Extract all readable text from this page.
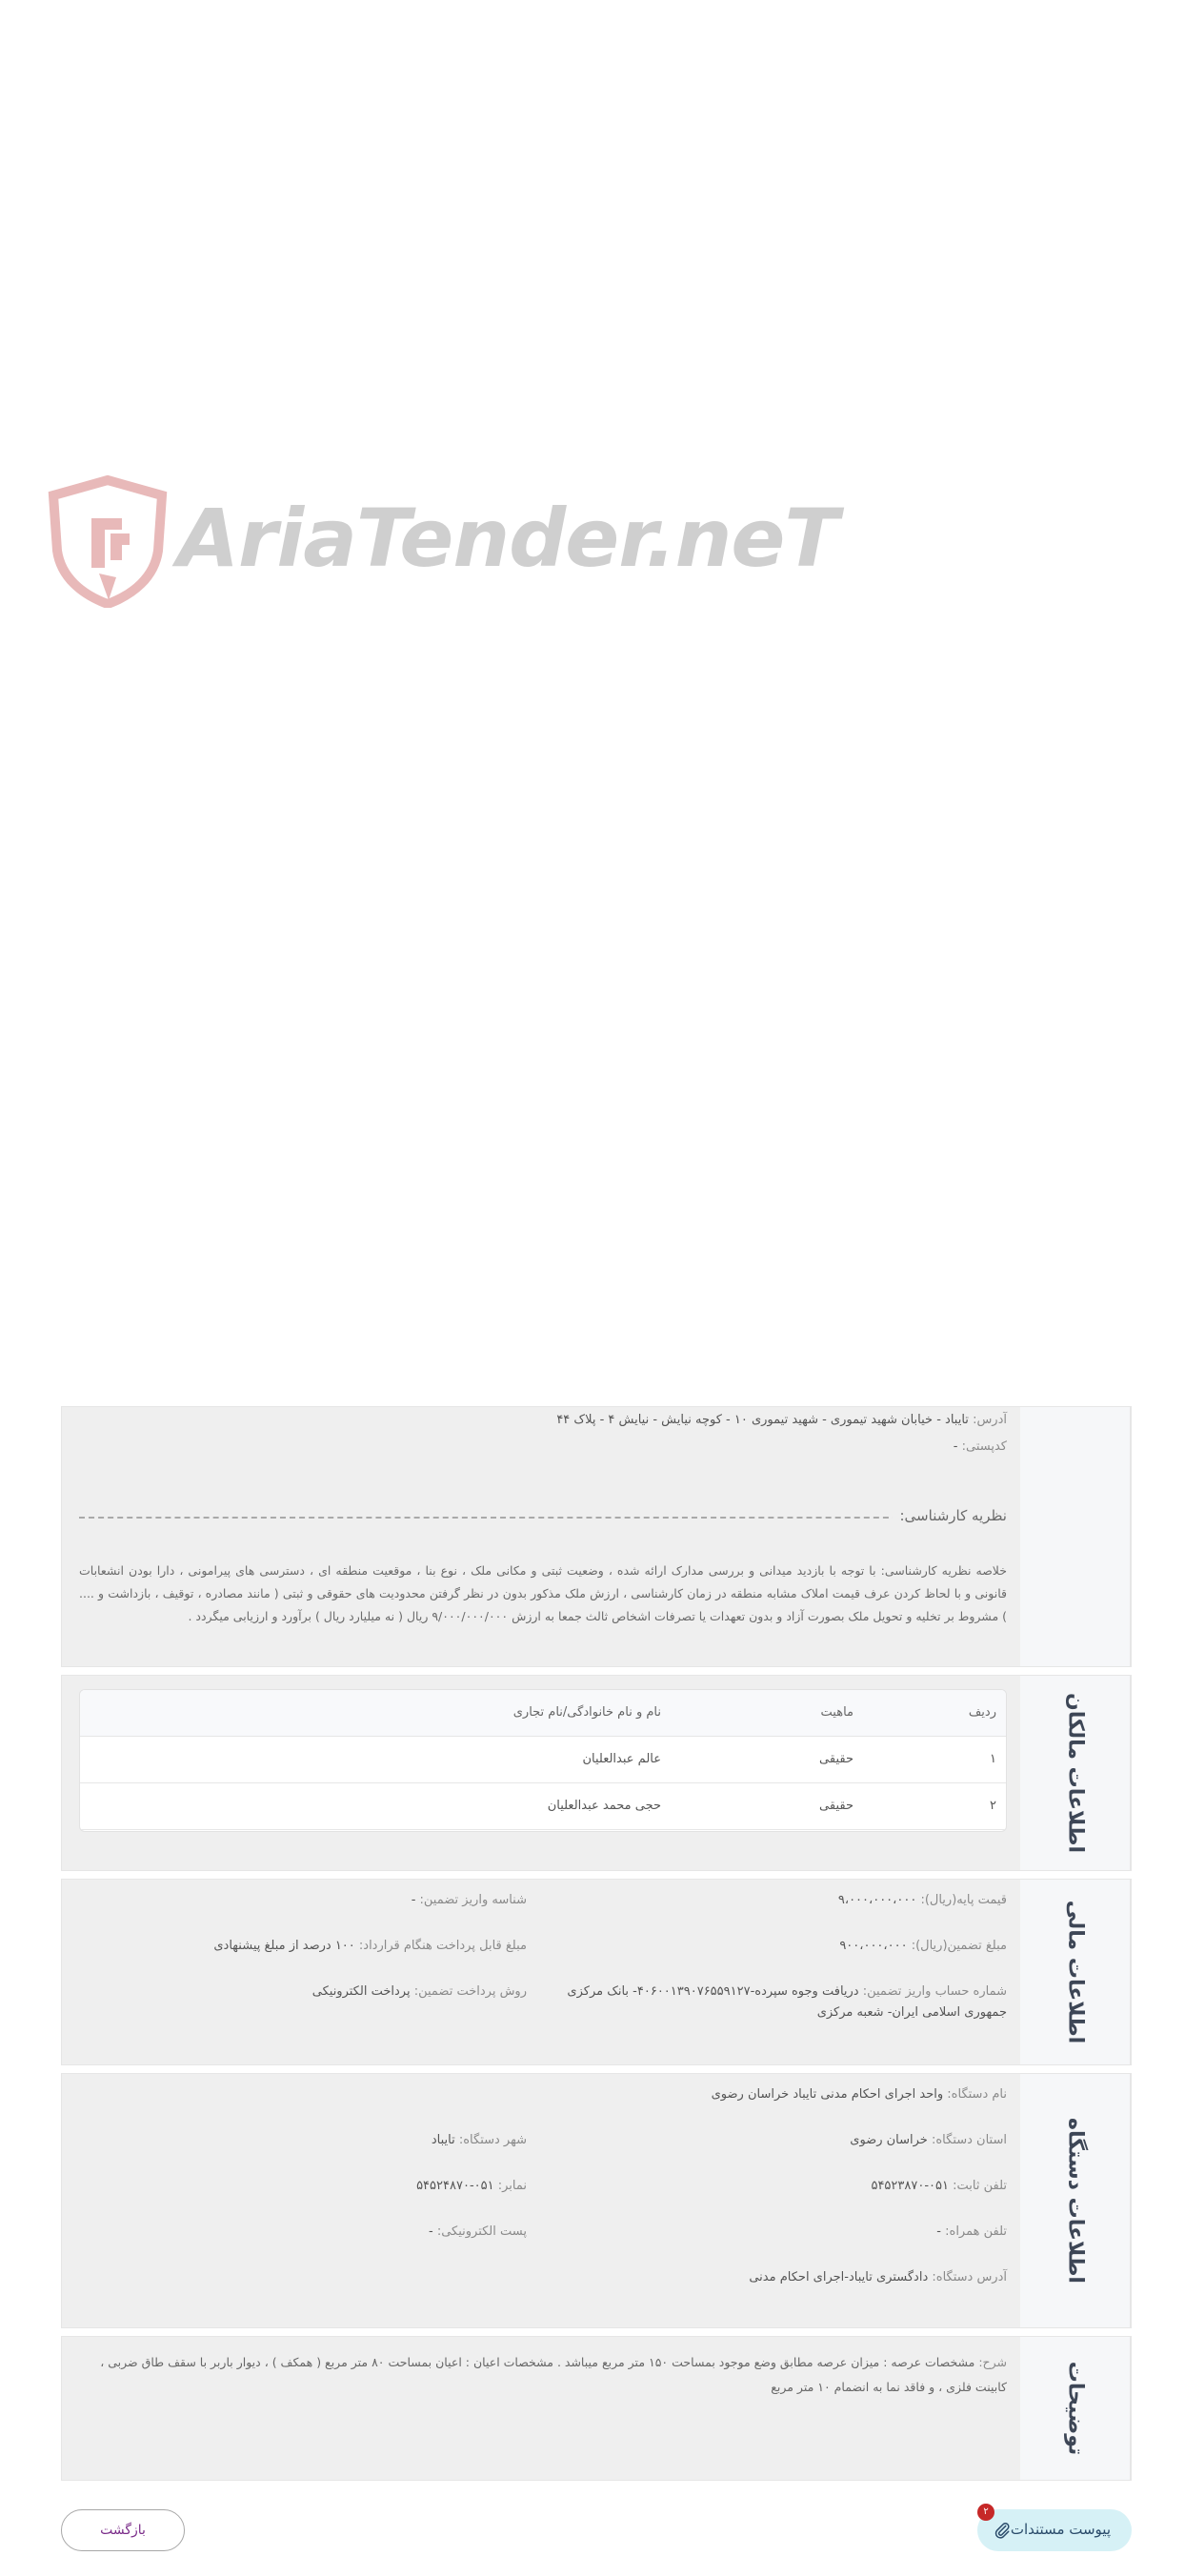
AriaTender.neT
آدرس: تایباد - خیابان شهید تیموری - شهید تیموری ۱۰ - کوچه نیایش - نیایش ۴ - پلاک ۴۴
کدپستی: -
نظریه کارشناسی:
خلاصه نظریه کارشناسی: با توجه با بازدید میدانی و بررسی مدارک ارائه شده ، وضعیت ثبتی و مکانی ملک ، نوع بنا ، موقعیت منطقه ای ، دسترسی های پیرامونی ، دارا بودن انشعابات قانونی و با لحاظ کردن عرف قیمت املاک مشابه منطقه در زمان کارشناسی ، ارزش ملک مذکور بدون در نظر گرفتن محدودیت های حقوقی و ثبتی ( مانند مصادره ، توقیف ، بازداشت و .... ) مشروط بر تخلیه و تحویل ملک بصورت آزاد و بدون تعهدات یا تصرفات اشخاص ثالث جمعا به ارزش ۹/۰۰۰/۰۰۰/۰۰۰ ریال ( نه میلیارد ریال ) برآورد و ارزیابی میگردد .
اطلاعات مالکان
ردیف
ماهیت
نام و نام خانوادگی/نام تجاری
۱
حقیقی
عالم عبدالعلیان
۲
حقیقی
حجی محمد عبدالعلیان
اطلاعات مالی
قیمت پایه(ریال): ۹،۰۰۰،۰۰۰،۰۰۰
شناسه واریز تضمین: -
مبلغ تضمین(ریال): ۹۰۰،۰۰۰،۰۰۰
مبلغ قابل پرداخت هنگام قرارداد: ۱۰۰ درصد از مبلغ پیشنهادی
شماره حساب واریز تضمین: دریافت وجوه سپرده-۴۰۶۰۰۱۳۹۰۷۶۵۵۹۱۲۷- بانک مرکزی
جمهوری اسلامی ایران- شعبه مرکزی
روش پرداخت تضمین: پرداخت الکترونیکی
اطلاعات دستگاه
نام دستگاه: واحد اجرای احکام مدنی تایباد خراسان رضوی
استان دستگاه: خراسان رضوی
شهر دستگاه: تایباد
تلفن ثابت: ۰۵۱-۵۴۵۲۳۸۷۰
نمابر: ۰۵۱-۵۴۵۲۴۸۷۰
تلفن همراه: -
پست الکترونیکی: -
آدرس دستگاه: دادگستری تایباد-اجرای احکام مدنی
توضیحات
شرح: مشخصات عرصه : میزان عرصه مطابق وضع موجود بمساحت ۱۵۰ متر مربع میباشد . مشخصات اعیان : اعیان بمساحت ۸۰ متر مربع ( همکف ) ، دیوار باربر با سقف طاق ضربی ، کابینت فلزی ، و فاقد نما به انضمام ۱۰ متر مربع
پیوست مستندات
۲
بازگشت
